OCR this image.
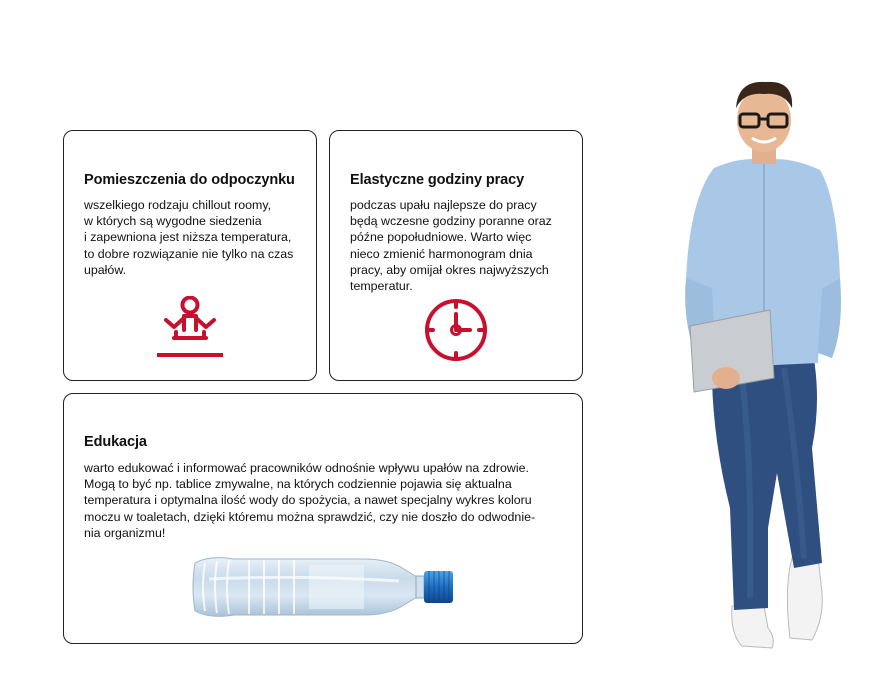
Pomieszczenia do odpoczynku

wszelkiego rodzaju chillout roomy,
w których są wygodne siedzenia
i zapewniona jest niższa temperatura,
to dobre rozwiązanie nie tylko na czas
upałów.

Elastyczne godziny pracy

podczas upału najlepsze do pracy
będą wczesne godziny poranne oraz
późne popołudniowe. Warto więc
nieco zmienić harmonogram dnia
pracy, aby omijał okres najwyższych
temperatur.

Edukacja

warto edukować i informować pracowników odnośnie wpływu upałów na zdrowie.
Mogą to być np. tablice zmywalne, na których codziennie pojawia się aktualna
temperatura i optymalna ilość wody do spożycia, a nawet specjalny wykres koloru
moczu w toaletach, dzięki któremu można sprawdzić, czy nie doszło do odwodnie-
nia organizmu!
